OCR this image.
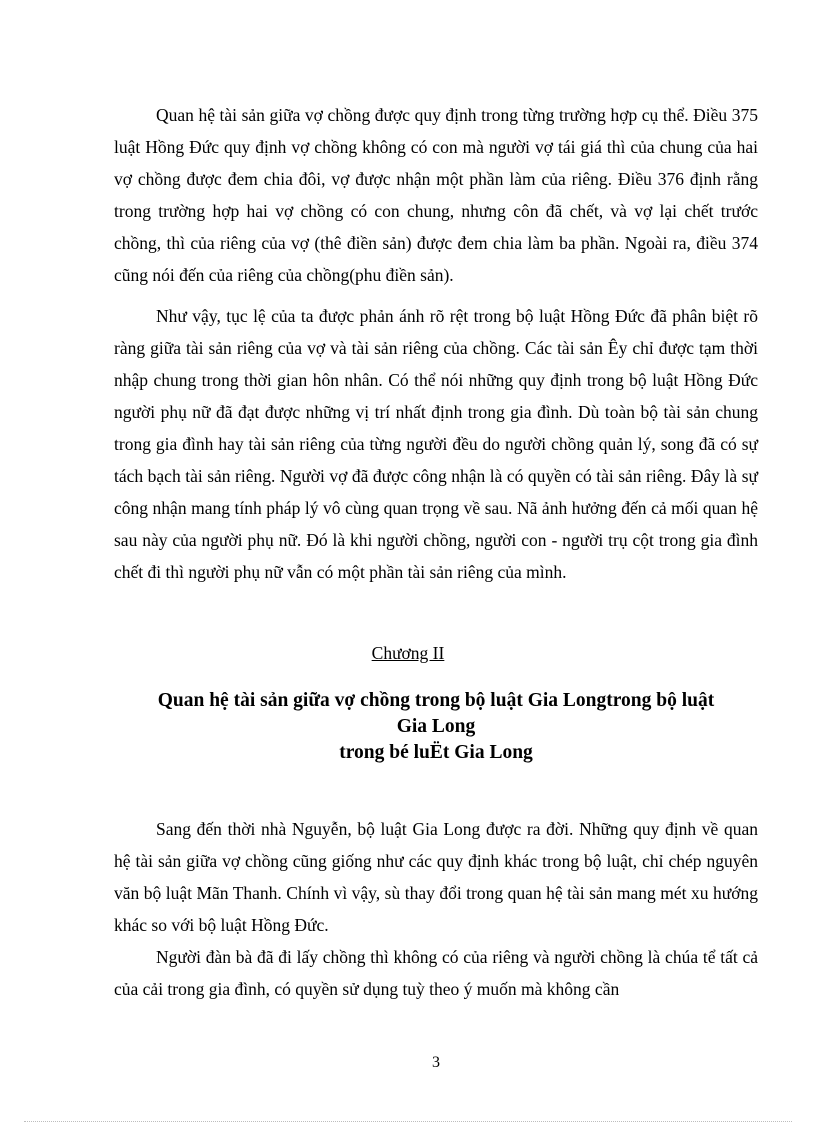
Quan hệ tài sản giữa vợ chồng được quy định trong từng trường hợp cụ thể. Điều 375 luật Hồng Đức quy định vợ chồng không có con mà người vợ tái giá thì của chung của hai vợ chồng được đem chia đôi, vợ được nhận một phần làm của riêng. Điều 376 định rằng trong trường hợp hai vợ chồng có con chung, nhưng côn đã chết, và vợ lại chết trước chồng, thì của riêng của vợ (thê điền sản) được đem chia làm ba phần. Ngoài ra, điều 374 cũng nói đến của riêng của chồng(phu điền sản).

Như vậy, tục lệ của ta được phản ánh rõ rệt trong bộ luật Hồng Đức đã phân biệt rõ ràng giữa tài sản riêng của vợ và tài sản riêng của chồng. Các tài sản Êy chỉ được tạm thời nhập chung trong thời gian hôn nhân. Có thể nói những quy định trong bộ luật Hồng Đức người phụ nữ đã đạt được những vị trí nhất định trong gia đình. Dù toàn bộ tài sản chung trong gia đình hay tài sản riêng của từng người đều do người chồng quản lý, song đã có sự tách bạch tài sản riêng. Người vợ đã được công nhận là có quyền có tài sản riêng. Đây là sự công nhận mang tính pháp lý vô cùng quan trọng về sau. Nã ảnh hưởng đến cả mối quan hệ sau này của người phụ nữ. Đó là khi người chồng, người con - người trụ cột trong gia đình chết đi thì người phụ nữ vẫn có một phần tài sản riêng của mình.

Chương II

Quan hệ tài sản giữa vợ chồng trong bộ luật Gia Longtrong bộ luật
Gia Long
trong bé luËt Gia Long

Sang đến thời nhà Nguyễn, bộ luật Gia Long được ra đời. Những quy định về quan hệ tài sản giữa vợ chồng cũng giống như các quy định khác trong bộ luật, chỉ chép nguyên văn bộ luật Mãn Thanh. Chính vì vậy, sù thay đổi trong quan hệ tài sản mang mét xu hướng khác so với bộ luật Hồng Đức.

Người đàn bà đã đi lấy chồng thì không có của riêng và người chồng là chúa tể tất cả của cải trong gia đình, có quyền sử dụng tuỳ theo ý muốn mà không cần

3
